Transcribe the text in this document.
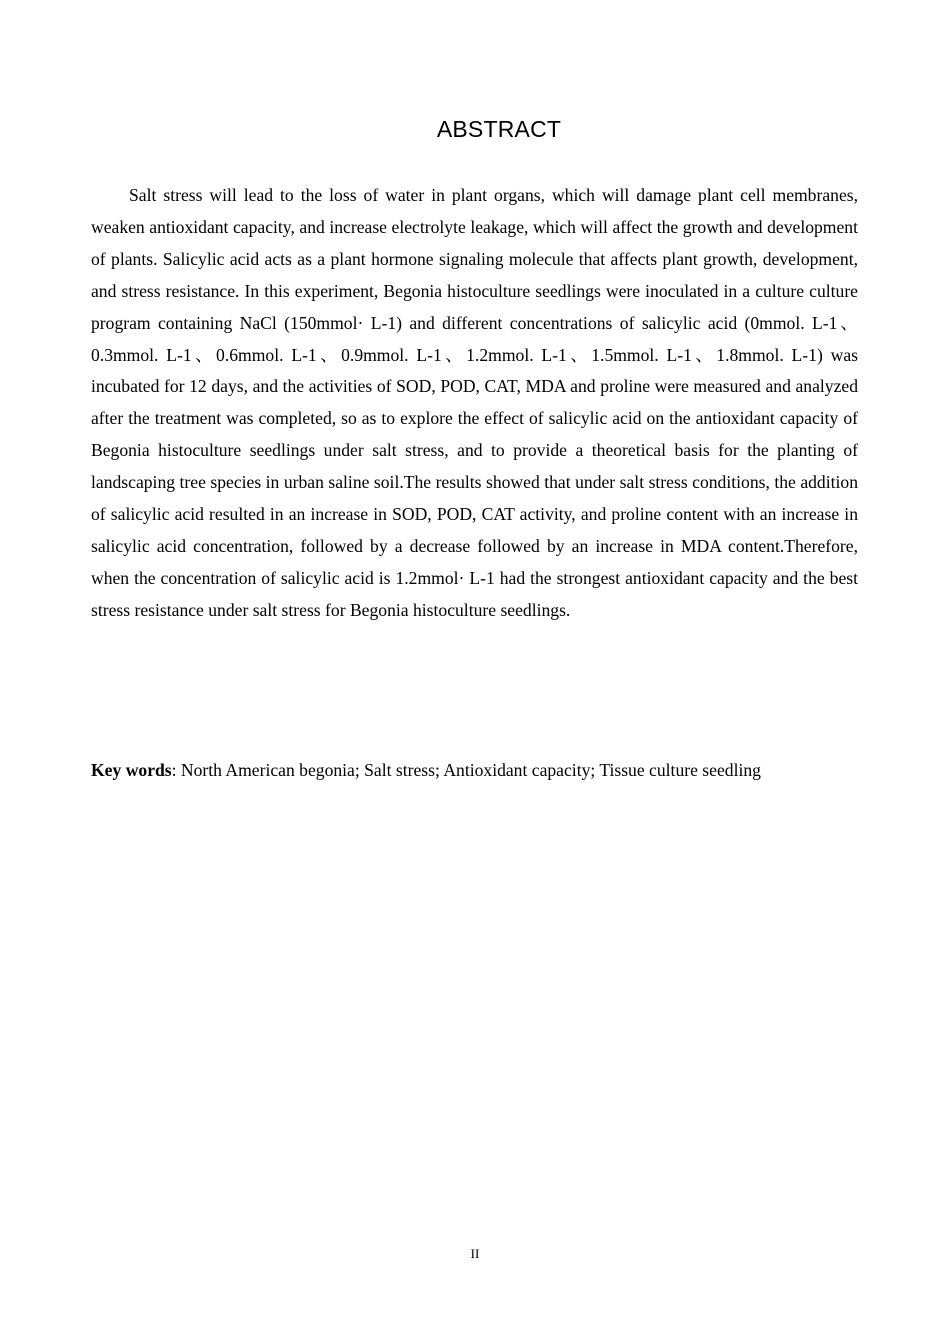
ABSTRACT

Salt stress will lead to the loss of water in plant organs, which will damage plant cell membranes, weaken antioxidant capacity, and increase electrolyte leakage, which will affect the growth and development of plants. Salicylic acid acts as a plant hormone signaling molecule that affects plant growth, development, and stress resistance. In this experiment, Begonia histoculture seedlings were inoculated in a culture culture program containing NaCl (150mmol· L-1) and different concentrations of salicylic acid (0mmol. L-1、0.3mmol. L-1、0.6mmol. L-1、0.9mmol. L-1、1.2mmol. L-1、1.5mmol. L-1、1.8mmol. L-1) was incubated for 12 days, and the activities of SOD, POD, CAT, MDA and proline were measured and analyzed after the treatment was completed, so as to explore the effect of salicylic acid on the antioxidant capacity of Begonia histoculture seedlings under salt stress, and to provide a theoretical basis for the planting of landscaping tree species in urban saline soil.The results showed that under salt stress conditions, the addition of salicylic acid resulted in an increase in SOD, POD, CAT activity, and proline content with an increase in salicylic acid concentration, followed by a decrease followed by an increase in MDA content.Therefore, when the concentration of salicylic acid is 1.2mmol· L-1 had the strongest antioxidant capacity and the best stress resistance under salt stress for Begonia histoculture seedlings.

Key words: North American begonia; Salt stress; Antioxidant capacity; Tissue culture seedling

II
